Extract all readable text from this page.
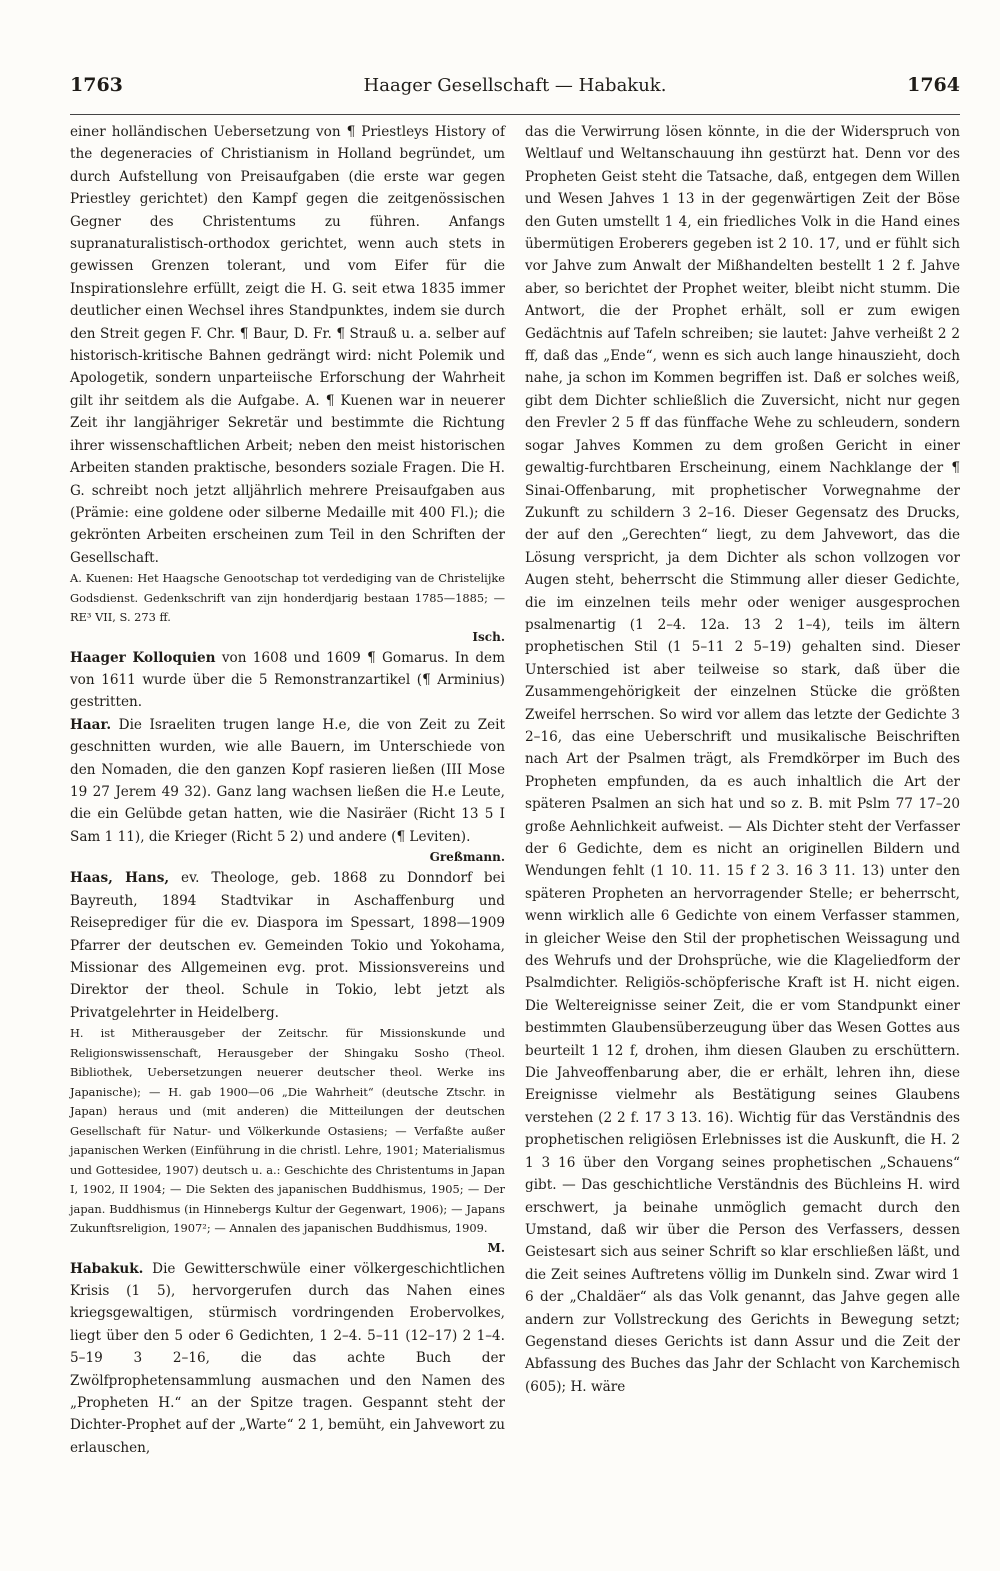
1763	Haager Gesellschaft — Habakuk.	1764

einer holländischen Uebersetzung von ¶ Priestleys History of the degeneracies of Christianism in Holland begründet, um durch Aufstellung von Preisaufgaben (die erste war gegen Priestley gerichtet) den Kampf gegen die zeitgenössischen Gegner des Christentums zu führen. Anfangs supranaturalistisch-orthodox gerichtet, wenn auch stets in gewissen Grenzen tolerant, und vom Eifer für die Inspirationslehre erfüllt, zeigt die H. G. seit etwa 1835 immer deutlicher einen Wechsel ihres Standpunktes, indem sie durch den Streit gegen F. Chr. ¶ Baur, D. Fr. ¶ Strauß u. a. selber auf historisch-kritische Bahnen gedrängt wird: nicht Polemik und Apologetik, sondern unparteiische Erforschung der Wahrheit gilt ihr seitdem als die Aufgabe. A. ¶ Kuenen war in neuerer Zeit ihr langjähriger Sekretär und bestimmte die Richtung ihrer wissenschaftlichen Arbeit; neben den meist historischen Arbeiten standen praktische, besonders soziale Fragen. Die H. G. schreibt noch jetzt alljährlich mehrere Preisaufgaben aus (Prämie: eine goldene oder silberne Medaille mit 400 Fl.); die gekrönten Arbeiten erscheinen zum Teil in den Schriften der Gesellschaft.

A. Kuenen: Het Haagsche Genootschap tot verdediging van de Christelijke Godsdienst. Gedenkschrift van zijn honderdjarig bestaan 1785—1885; — RE³ VII, S. 273 ff.

Isch.

Haager Kolloquien von 1608 und 1609 ¶ Gomarus. In dem von 1611 wurde über die 5 Remonstranzartikel (¶ Arminius) gestritten.

Haar. Die Israeliten trugen lange H.e, die von Zeit zu Zeit geschnitten wurden, wie alle Bauern, im Unterschiede von den Nomaden, die den ganzen Kopf rasieren ließen (III Mose 19 27 Jerem 49 32). Ganz lang wachsen ließen die H.e Leute, die ein Gelübde getan hatten, wie die Nasiräer (Richt 13 5 I Sam 1 11), die Krieger (Richt 5 2) und andere (¶ Leviten).

Greßmann.

Haas, Hans, ev. Theologe, geb. 1868 zu Donndorf bei Bayreuth, 1894 Stadtvikar in Aschaffenburg und Reiseprediger für die ev. Diaspora im Spessart, 1898—1909 Pfarrer der deutschen ev. Gemeinden Tokio und Yokohama, Missionar des Allgemeinen evg. prot. Missionsvereins und Direktor der theol. Schule in Tokio, lebt jetzt als Privatgelehrter in Heidelberg.

H. ist Mitherausgeber der Zeitschr. für Missionskunde und Religionswissenschaft, Herausgeber der Shingaku Sosho (Theol. Bibliothek, Uebersetzungen neuerer deutscher theol. Werke ins Japanische); — H. gab 1900—06 „Die Wahrheit“ (deutsche Ztschr. in Japan) heraus und (mit anderen) die Mitteilungen der deutschen Gesellschaft für Natur- und Völkerkunde Ostasiens; — Verfaßte außer japanischen Werken (Einführung in die christl. Lehre, 1901; Materialismus und Gottesidee, 1907) deutsch u. a.: Geschichte des Christentums in Japan I, 1902, II 1904; — Die Sekten des japanischen Buddhismus, 1905; — Der japan. Buddhismus (in Hinnebergs Kultur der Gegenwart, 1906); — Japans Zukunftsreligion, 1907²; — Annalen des japanischen Buddhismus, 1909.

M.

Habakuk. Die Gewitterschwüle einer völkergeschichtlichen Krisis (1 5), hervorgerufen durch das Nahen eines kriegsgewaltigen, stürmisch vordringenden Erobervolkes, liegt über den 5 oder 6 Gedichten, 1 2–4. 5–11 (12–17) 2 1–4. 5–19 3 2–16, die das achte Buch der Zwölfprophetensammlung ausmachen und den Namen des „Propheten H.“ an der Spitze tragen. Gespannt steht der Dichter-Prophet auf der „Warte“ 2 1, bemüht, ein Jahvewort zu erlauschen,

das die Verwirrung lösen könnte, in die der Widerspruch von Weltlauf und Weltanschauung ihn gestürzt hat. Denn vor des Propheten Geist steht die Tatsache, daß, entgegen dem Willen und Wesen Jahves 1 13 in der gegenwärtigen Zeit der Böse den Guten umstellt 1 4, ein friedliches Volk in die Hand eines übermütigen Eroberers gegeben ist 2 10. 17, und er fühlt sich vor Jahve zum Anwalt der Mißhandelten bestellt 1 2 f. Jahve aber, so berichtet der Prophet weiter, bleibt nicht stumm. Die Antwort, die der Prophet erhält, soll er zum ewigen Gedächtnis auf Tafeln schreiben; sie lautet: Jahve verheißt 2 2 ff, daß das „Ende“, wenn es sich auch lange hinauszieht, doch nahe, ja schon im Kommen begriffen ist. Daß er solches weiß, gibt dem Dichter schließlich die Zuversicht, nicht nur gegen den Frevler 2 5 ff das fünffache Wehe zu schleudern, sondern sogar Jahves Kommen zu dem großen Gericht in einer gewaltig-furchtbaren Erscheinung, einem Nachklange der ¶ Sinai-Offenbarung, mit prophetischer Vorwegnahme der Zukunft zu schildern 3 2–16. Dieser Gegensatz des Drucks, der auf den „Gerechten“ liegt, zu dem Jahvewort, das die Lösung verspricht, ja dem Dichter als schon vollzogen vor Augen steht, beherrscht die Stimmung aller dieser Gedichte, die im einzelnen teils mehr oder weniger ausgesprochen psalmenartig (1 2–4. 12a. 13 2 1–4), teils im ältern prophetischen Stil (1 5–11 2 5–19) gehalten sind. Dieser Unterschied ist aber teilweise so stark, daß über die Zusammengehörigkeit der einzelnen Stücke die größten Zweifel herrschen. So wird vor allem das letzte der Gedichte 3 2–16, das eine Ueberschrift und musikalische Beischriften nach Art der Psalmen trägt, als Fremdkörper im Buch des Propheten empfunden, da es auch inhaltlich die Art der späteren Psalmen an sich hat und so z. B. mit Pslm 77 17–20 große Aehnlichkeit aufweist. — Als Dichter steht der Verfasser der 6 Gedichte, dem es nicht an originellen Bildern und Wendungen fehlt (1 10. 11. 15 f 2 3. 16 3 11. 13) unter den späteren Propheten an hervorragender Stelle; er beherrscht, wenn wirklich alle 6 Gedichte von einem Verfasser stammen, in gleicher Weise den Stil der prophetischen Weissagung und des Wehrufs und der Drohsprüche, wie die Klageliedform der Psalmdichter. Religiös-schöpferische Kraft ist H. nicht eigen. Die Weltereignisse seiner Zeit, die er vom Standpunkt einer bestimmten Glaubensüberzeugung über das Wesen Gottes aus beurteilt 1 12 f, drohen, ihm diesen Glauben zu erschüttern. Die Jahveoffenbarung aber, die er erhält, lehren ihn, diese Ereignisse vielmehr als Bestätigung seines Glaubens verstehen (2 2 f. 17 3 13. 16). Wichtig für das Verständnis des prophetischen religiösen Erlebnisses ist die Auskunft, die H. 2 1 3 16 über den Vorgang seines prophetischen „Schauens“ gibt. — Das geschichtliche Verständnis des Büchleins H. wird erschwert, ja beinahe unmöglich gemacht durch den Umstand, daß wir über die Person des Verfassers, dessen Geistesart sich aus seiner Schrift so klar erschließen läßt, und die Zeit seines Auftretens völlig im Dunkeln sind. Zwar wird 1 6 der „Chaldäer“ als das Volk genannt, das Jahve gegen alle andern zur Vollstreckung des Gerichts in Bewegung setzt; Gegenstand dieses Gerichts ist dann Assur und die Zeit der Abfassung des Buches das Jahr der Schlacht von Karchemisch (605); H. wäre
